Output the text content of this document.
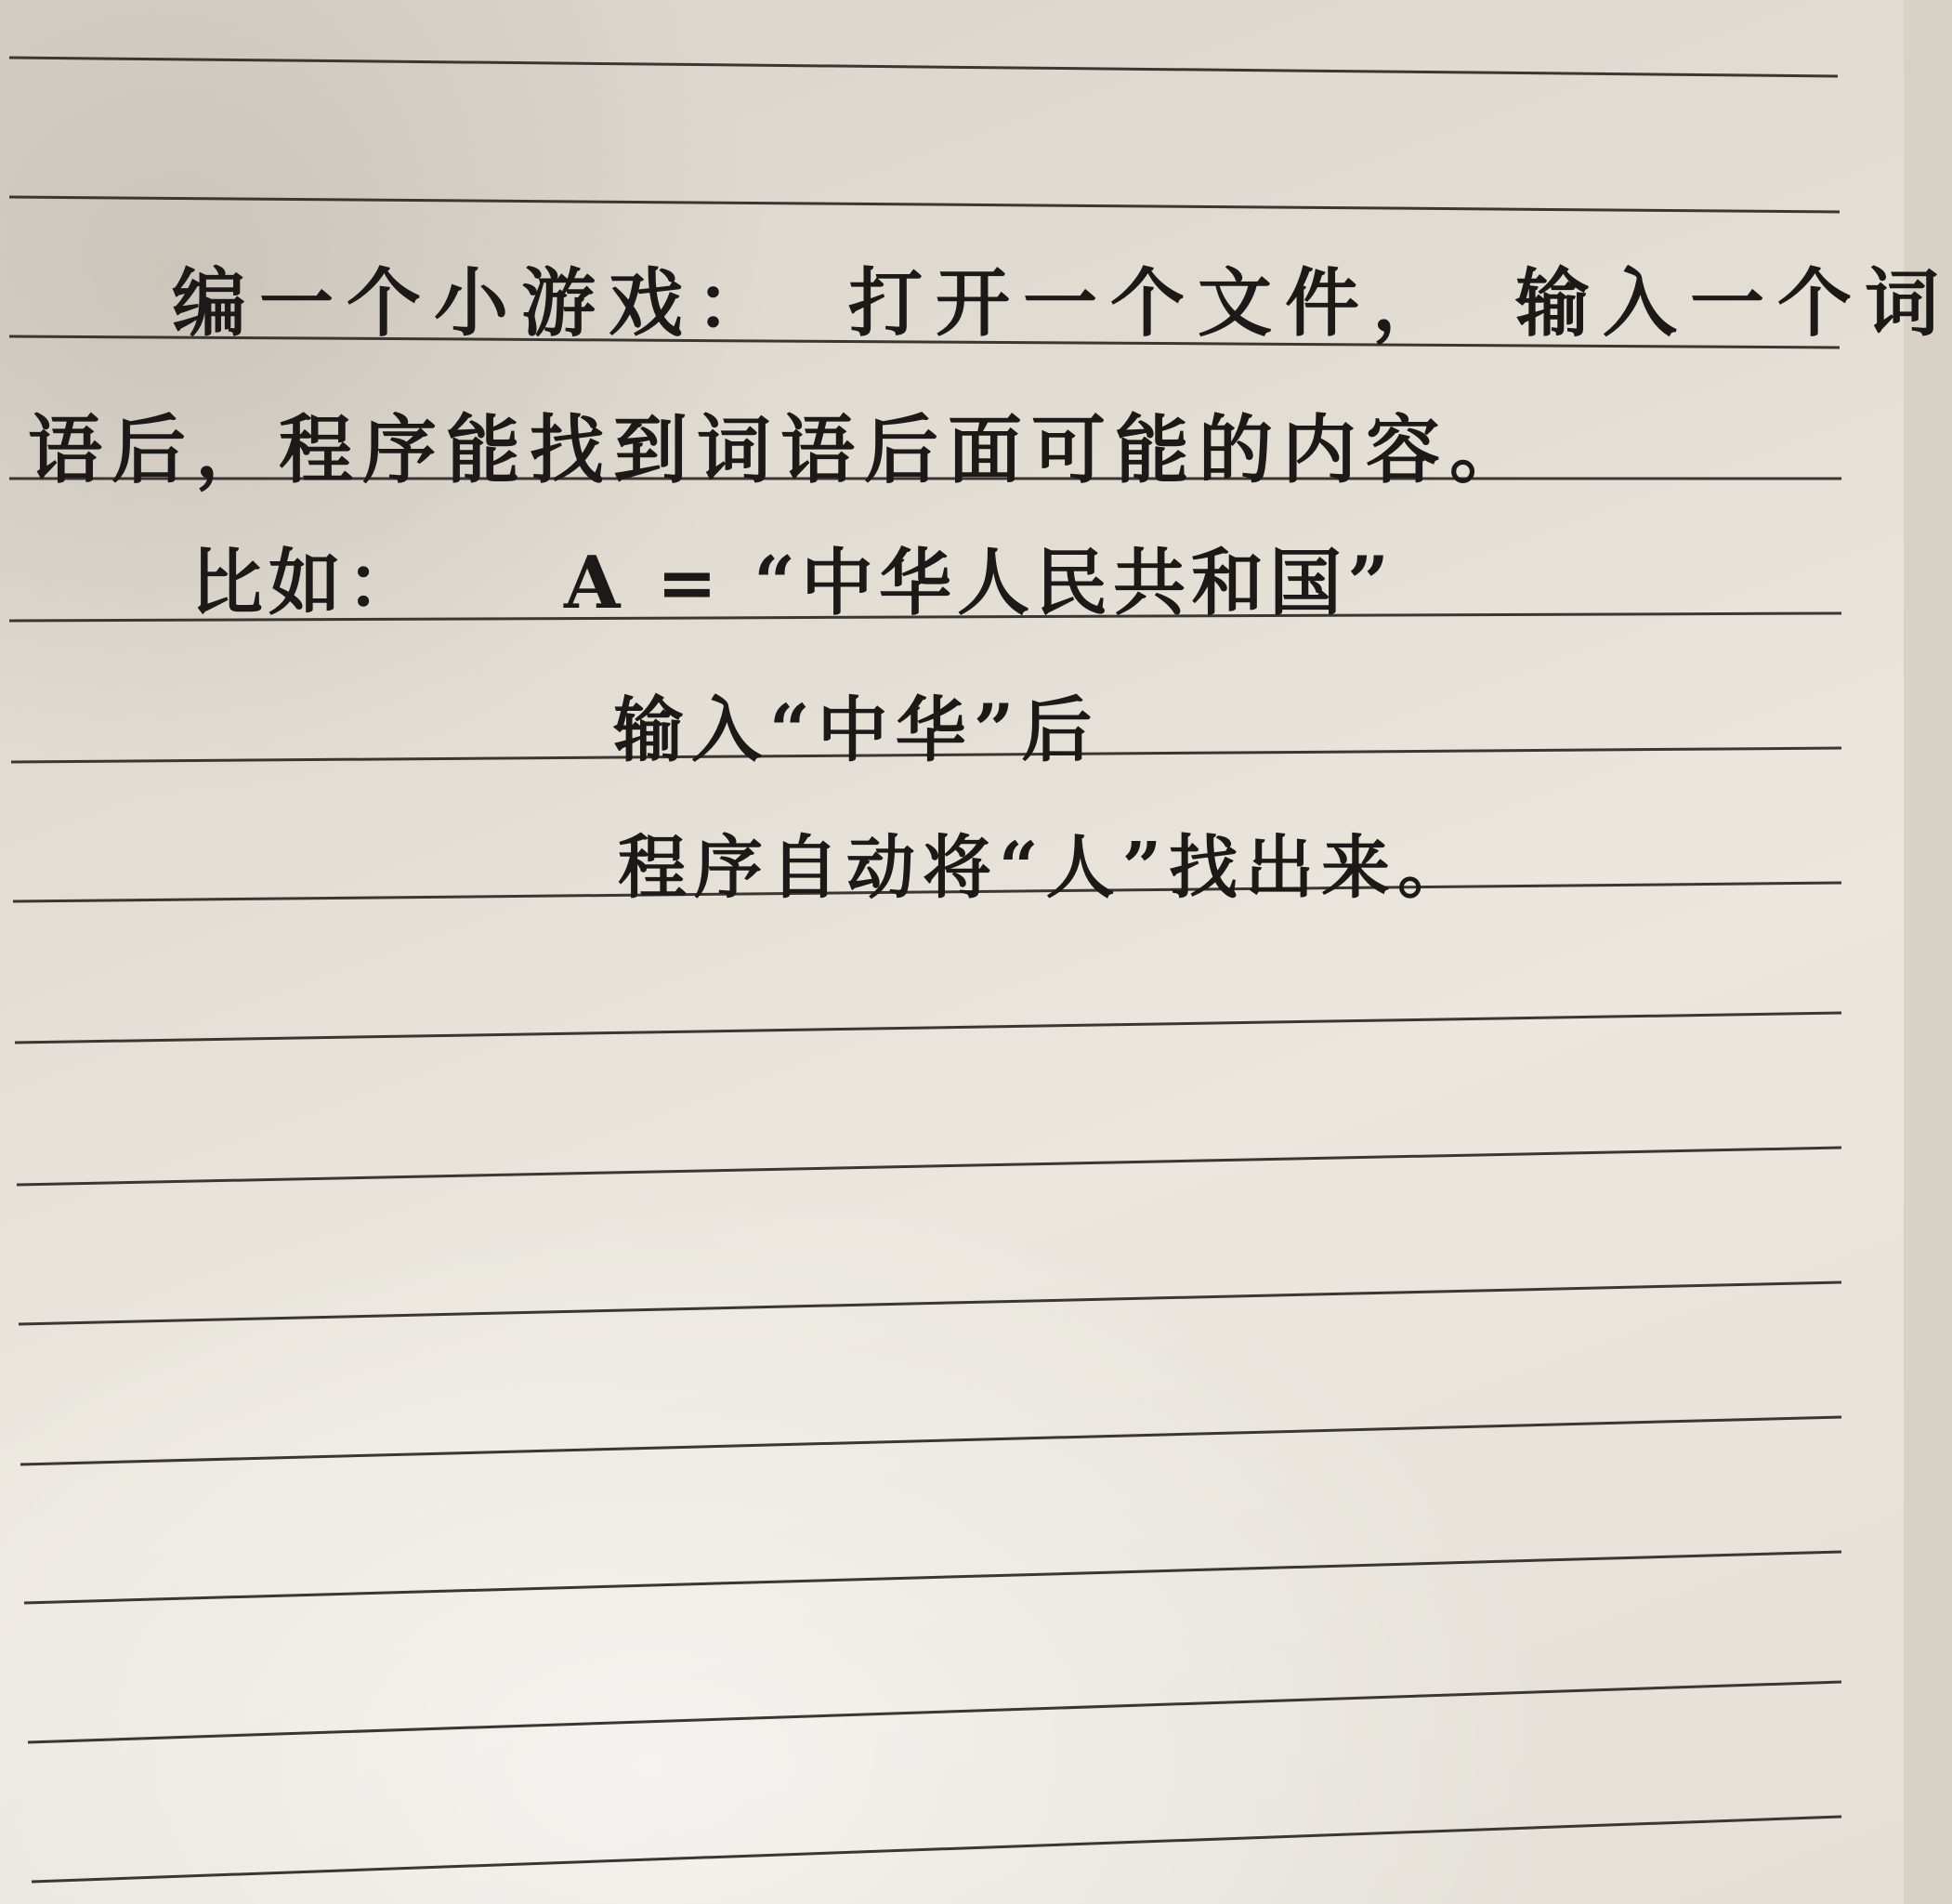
编一个小游戏： 打开一个文件， 输入一个词
语后，程序能找到词语后面可能的内容。
比如： A = “中华人民共和国”
输入“中华”后
程序自动将“人”找出来。
